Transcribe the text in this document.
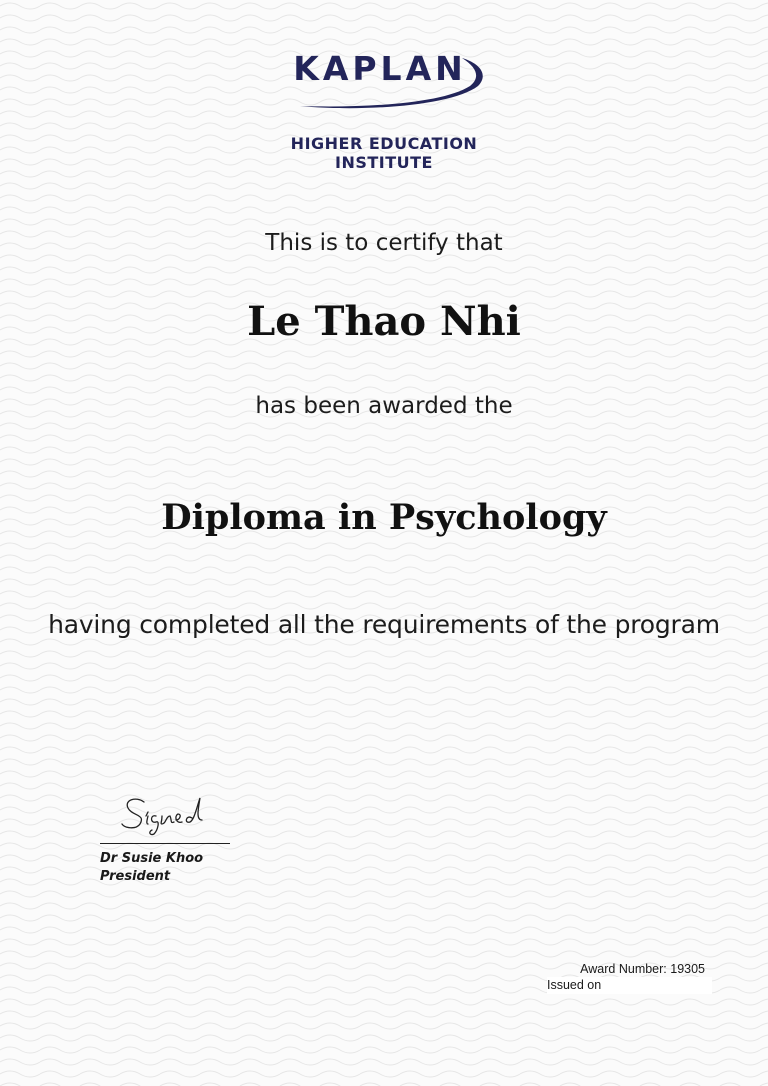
KAPLAN
HIGHER EDUCATION
INSTITUTE
This is to certify that
Le Thao Nhi
has been awarded the
Diploma in Psychology
having completed all the requirements of the program
Dr Susie Khoo
President
Award Number: 19305
Issued on
